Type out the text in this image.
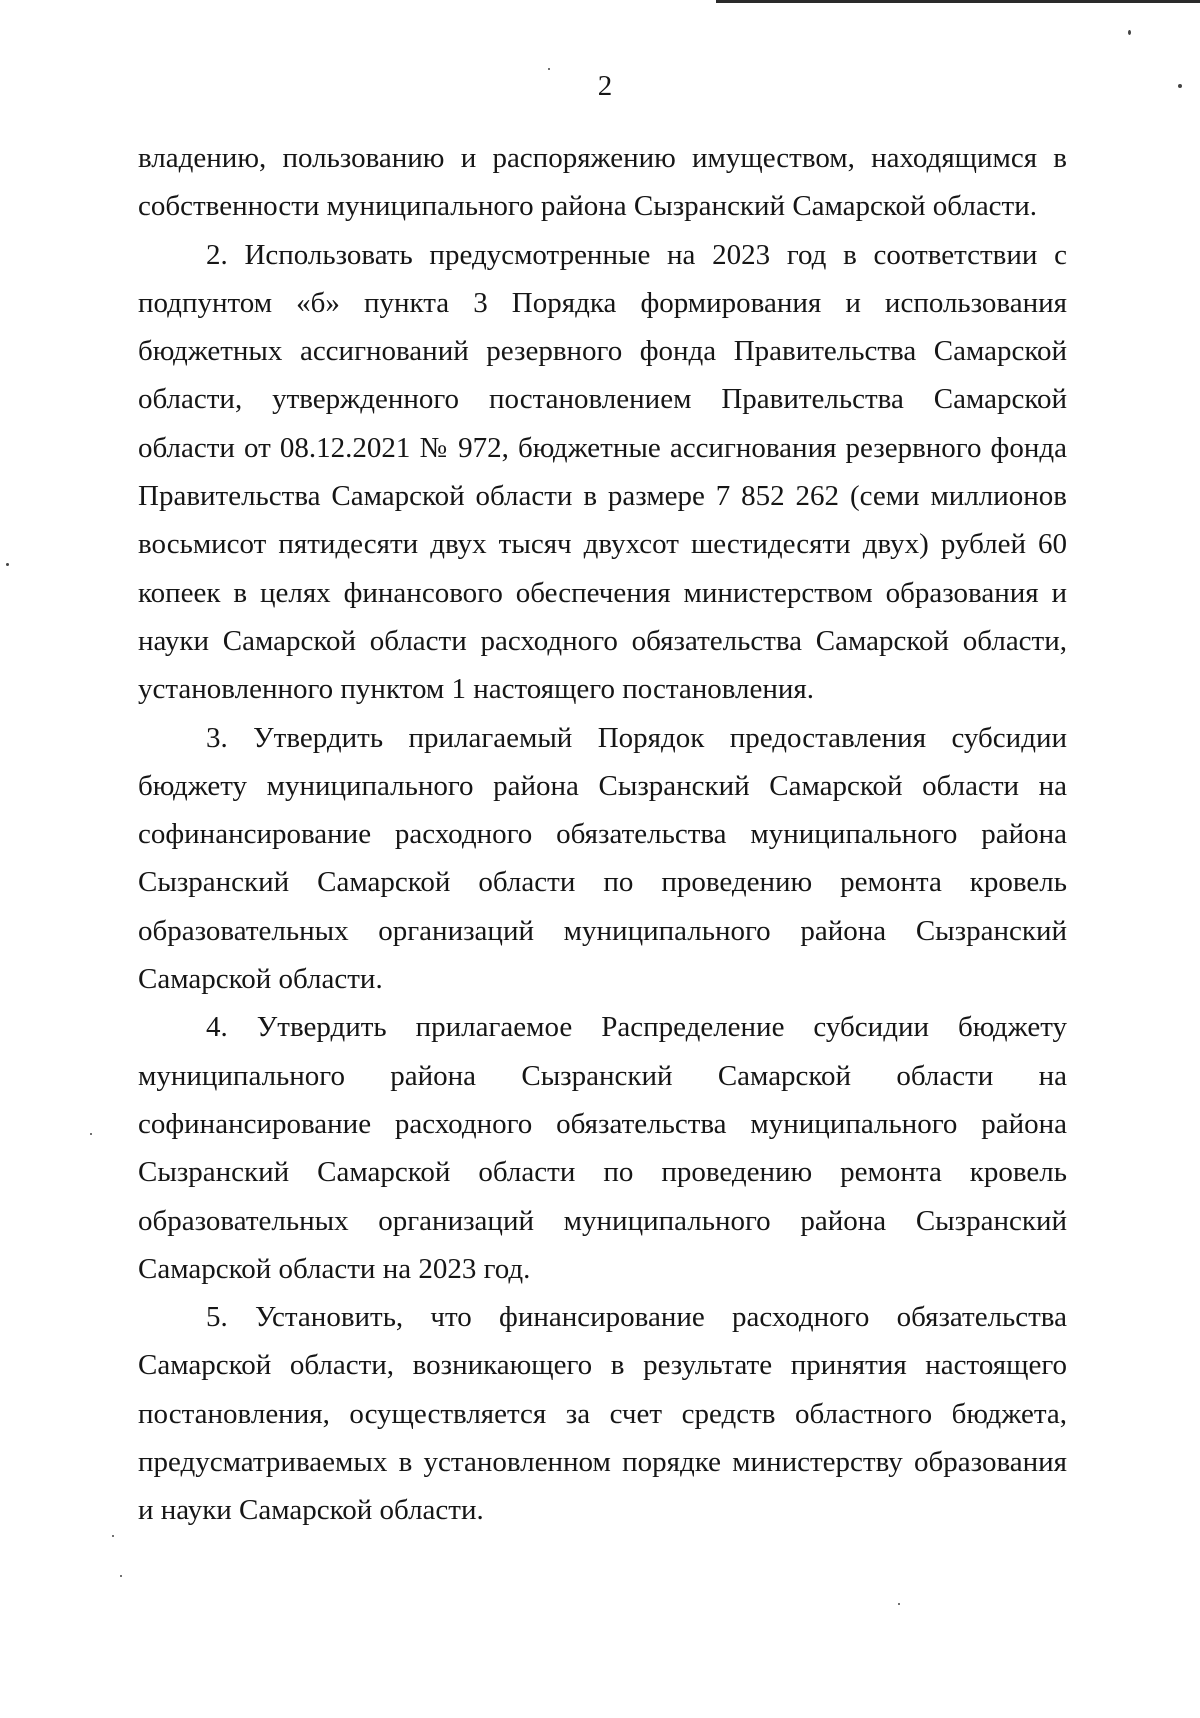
2

владению, пользованию и распоряжению имуществом, находящимся в собственности муниципального района Сызранский Самарской области.

2. Использовать предусмотренные на 2023 год в соответствии с подпунтом «б» пункта 3 Порядка формирования и использования бюджетных ассигнований резервного фонда Правительства Самарской области, утвержденного постановлением Правительства Самарской области от 08.12.2021 № 972, бюджетные ассигнования резервного фонда Правительства Самарской области в размере 7 852 262 (семи миллионов восьмисот пятидесяти двух тысяч двухсот шестидесяти двух) рублей 60 копеек в целях финансового обеспечения министерством образования и науки Самарской области расходного обязательства Самарской области, установленного пунктом 1 настоящего постановления.

3. Утвердить прилагаемый Порядок предоставления субсидии бюджету муниципального района Сызранский Самарской области на софинансирование расходного обязательства муниципального района Сызранский Самарской области по проведению ремонта кровель образовательных организаций муниципального района Сызранский Самарской области.

4. Утвердить прилагаемое Распределение субсидии бюджету муниципального района Сызранский Самарской области на софинансирование расходного обязательства муниципального района Сызранский Самарской области по проведению ремонта кровель образовательных организаций муниципального района Сызранский Самарской области на 2023 год.

5. Установить, что финансирование расходного обязательства Самарской области, возникающего в результате принятия настоящего постановления, осуществляется за счет средств областного бюджета, предусматриваемых в установленном порядке министерству образования и науки Самарской области.
